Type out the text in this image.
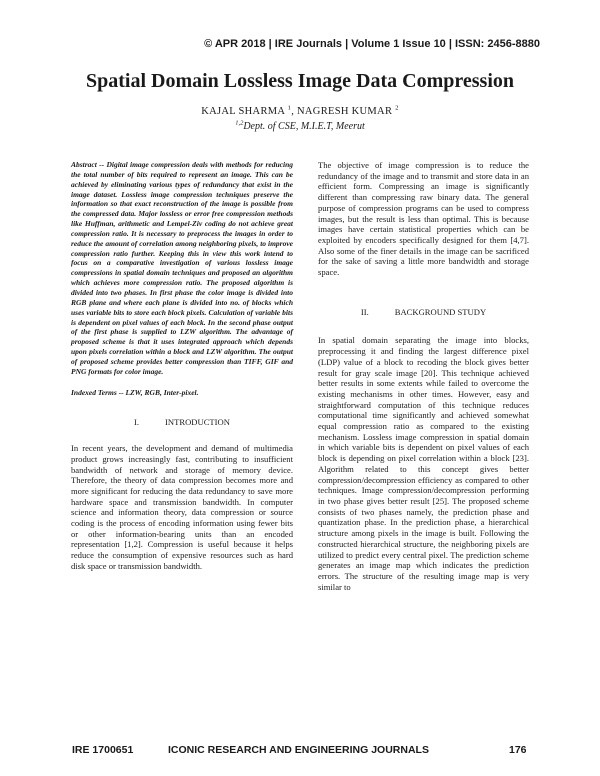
© APR 2018 | IRE Journals | Volume 1 Issue 10 | ISSN: 2456-8880
Spatial Domain Lossless Image Data Compression
KAJAL SHARMA $^1$, NAGRESH KUMAR $^2$
$^{1,2}$Dept. of CSE, M.I.E.T, Meerut

Abstract -- Digital image compression deals with methods for reducing the total number of bits required to represent an image. This can be achieved by eliminating various types of redundancy that exist in the image dataset. Lossless image compression techniques preserve the information so that exact reconstruction of the image is possible from the compressed data. Major lossless or error free compression methods like Huffman, arithmetic and Lempel-Ziv coding do not achieve great compression ratio. It is necessary to preprocess the images in order to reduce the amount of correlation among neighboring pixels, to improve compression ratio further. Keeping this in view this work intend to focus on a comparative investigation of various lossless image compressions in spatial domain techniques and proposed an algorithm which achieves more compression ratio. The proposed algorithm is divided into two phases. In first phase the color image is divided into RGB plane and where each plane is divided into no. of blocks which uses variable bits to store each block pixels. Calculation of variable bits is dependent on pixel values of each block. In the second phase output of the first phase is supplied to LZW algorithm. The advantage of proposed scheme is that it uses integrated approach which depends upon pixels correlation within a block and LZW algorithm. The output of proposed scheme provides better compression than TIFF, GIF and PNG formats for color image.

Indexed Terms -- LZW, RGB, Inter-pixel.

I.	INTRODUCTION

In recent years, the development and demand of multimedia product grows increasingly fast, contributing to insufficient bandwidth of network and storage of memory device. Therefore, the theory of data compression becomes more and more significant for reducing the data redundancy to save more hardware space and transmission bandwidth. In computer science and information theory, data compression or source coding is the process of encoding information using fewer bits or other information-bearing units than an encoded representation [1,2]. Compression is useful because it helps reduce the consumption of expensive resources such as hard disk space or transmission bandwidth.

The objective of image compression is to reduce the redundancy of the image and to transmit and store data in an efficient form. Compressing an image is significantly different than compressing raw binary data. The general purpose of compression programs can be used to compress images, but the result is less than optimal. This is because images have certain statistical properties which can be exploited by encoders specifically designed for them [4,7]. Also some of the finer details in the image can be sacrificed for the sake of saving a little more bandwidth and storage space.

II.	BACKGROUND STUDY

In spatial domain separating the image into blocks, preprocessing it and finding the largest difference pixel (LDP) value of a block to recoding the block gives better result for gray scale image [20]. This technique achieved better results in some extents while failed to overcome the existing mechanisms in other times. However, easy and straightforward computation of this technique reduces computational time significantly and achieved somewhat equal compression ratio as compared to the existing mechanism. Lossless image compression in spatial domain in which variable bits is dependent on pixel values of each block is depending on pixel correlation within a block [23]. Algorithm related to this concept gives better compression/decompression efficiency as compared to other techniques. Image compression/decompression performing in two phase gives better result [25]. The proposed scheme consists of two phases namely, the prediction phase and quantization phase. In the prediction phase, a hierarchical structure among pixels in the image is built. Following the constructed hierarchical structure, the neighboring pixels are utilized to predict every central pixel. The prediction scheme generates an image map which indicates the prediction errors. The structure of the resulting image map is very similar to

IRE 1700651	ICONIC RESEARCH AND ENGINEERING JOURNALS	176
